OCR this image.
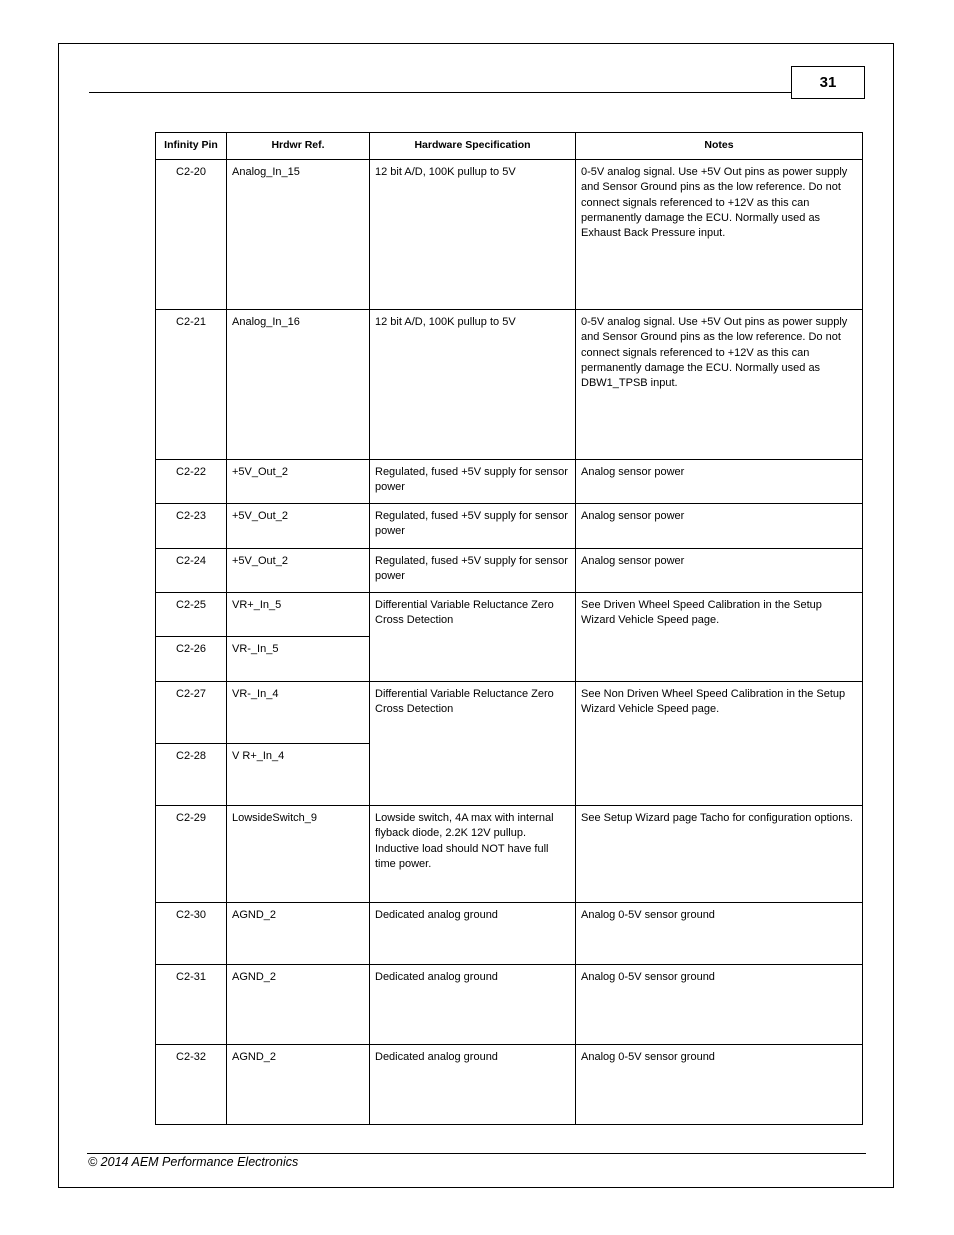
31
Infinity Pin	Hrdwr Ref.	Hardware Specification	Notes
C2-20	Analog_In_15	12 bit A/D, 100K pullup to 5V	0-5V analog signal. Use +5V Out pins as power supply and Sensor Ground pins as the low reference. Do not connect signals referenced to +12V as this can permanently damage the ECU. Normally used as Exhaust Back Pressure input.
C2-21	Analog_In_16	12 bit A/D, 100K pullup to 5V	0-5V analog signal. Use +5V Out pins as power supply and Sensor Ground pins as the low reference. Do not connect signals referenced to +12V as this can permanently damage the ECU. Normally used as DBW1_TPSB input.
C2-22	+5V_Out_2	Regulated, fused +5V supply for sensor power	Analog sensor power
C2-23	+5V_Out_2	Regulated, fused +5V supply for sensor power	Analog sensor power
C2-24	+5V_Out_2	Regulated, fused +5V supply for sensor power	Analog sensor power
C2-25	VR+_In_5	Differential Variable Reluctance Zero Cross Detection	See Driven Wheel Speed Calibration in the Setup Wizard Vehicle Speed page.
C2-26	VR-_In_5		
C2-27	VR-_In_4	Differential Variable Reluctance Zero Cross Detection	See Non Driven Wheel Speed Calibration in the Setup Wizard Vehicle Speed page.
C2-28	V R+_In_4		
C2-29	LowsideSwitch_9	Lowside switch, 4A max with internal flyback diode, 2.2K 12V pullup. Inductive load should NOT have full time power.	See Setup Wizard page Tacho for configuration options.
C2-30	AGND_2	Dedicated analog ground	Analog 0-5V sensor ground
C2-31	AGND_2	Dedicated analog ground	Analog 0-5V sensor ground
C2-32	AGND_2	Dedicated analog ground	Analog 0-5V sensor ground
© 2014 AEM Performance Electronics
